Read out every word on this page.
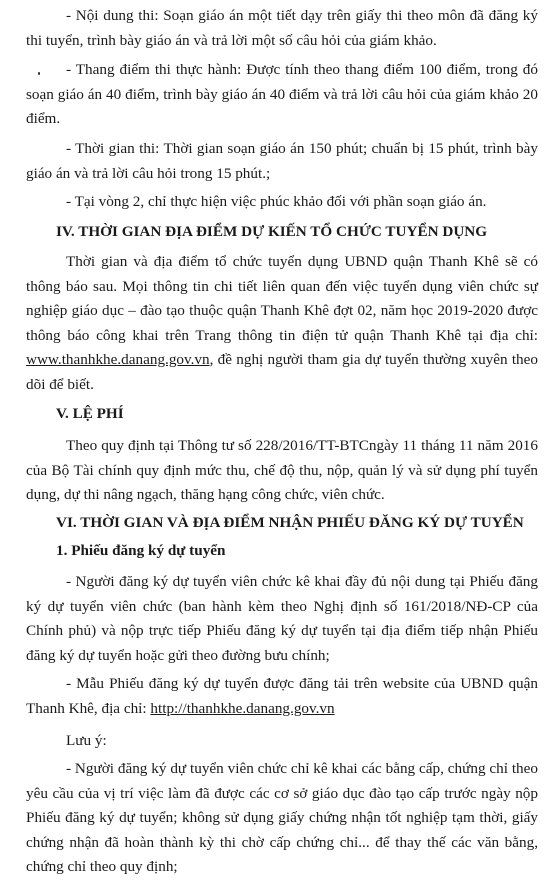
- Nội dung thi: Soạn giáo án một tiết dạy trên giấy thi theo môn đã đăng ký thi tuyển, trình bày giáo án và trả lời một số câu hỏi của giám khảo.

- Thang điểm thi thực hành: Được tính theo thang điểm 100 điểm, trong đó soạn giáo án 40 điểm, trình bày giáo án 40 điểm và trả lời câu hỏi của giám khảo 20 điểm.

- Thời gian thi: Thời gian soạn giáo án 150 phút; chuẩn bị 15 phút, trình bày giáo án và trả lời câu hỏi trong 15 phút.;

- Tại vòng 2, chỉ thực hiện việc phúc khảo đối với phần soạn giáo án.

IV. THỜI GIAN ĐỊA ĐIỂM DỰ KIẾN TỔ CHỨC TUYỂN DỤNG

Thời gian và địa điểm tổ chức tuyển dụng UBND quận Thanh Khê sẽ có thông báo sau. Mọi thông tin chi tiết liên quan đến việc tuyển dụng viên chức sự nghiệp giáo dục – đào tạo thuộc quận Thanh Khê đợt 02, năm học 2019-2020 được thông báo công khai trên Trang thông tin điện tử quận Thanh Khê tại địa chỉ: www.thanhkhe.danang.gov.vn, đề nghị người tham gia dự tuyển thường xuyên theo dõi để biết.

V. LỆ PHÍ

Theo quy định tại Thông tư số 228/2016/TT-BTCngày 11 tháng 11 năm 2016 của Bộ Tài chính quy định mức thu, chế độ thu, nộp, quản lý và sử dụng phí tuyển dụng, dự thi nâng ngạch, thăng hạng công chức, viên chức.

VI. THỜI GIAN VÀ ĐỊA ĐIỂM NHẬN PHIẾU ĐĂNG KÝ DỰ TUYỂN
1. Phiếu đăng ký dự tuyển

- Người đăng ký dự tuyển viên chức kê khai đầy đủ nội dung tại Phiếu đăng ký dự tuyển viên chức (ban hành kèm theo Nghị định số 161/2018/NĐ-CP của Chính phủ) và nộp trực tiếp Phiếu đăng ký dự tuyển tại địa điểm tiếp nhận Phiếu đăng ký dự tuyển hoặc gửi theo đường bưu chính;

- Mẫu Phiếu đăng ký dự tuyển được đăng tải trên website của UBND quận Thanh Khê, địa chỉ: http://thanhkhe.danang.gov.vn

Lưu ý:

- Người đăng ký dự tuyển viên chức chỉ kê khai các bằng cấp, chứng chỉ theo yêu cầu của vị trí việc làm đã được các cơ sở giáo dục đào tạo cấp trước ngày nộp Phiếu đăng ký dự tuyển; không sử dụng giấy chứng nhận tốt nghiệp tạm thời, giấy chứng nhận đã hoàn thành kỳ thi chờ cấp chứng chỉ... để thay thế các văn bằng, chứng chỉ theo quy định;
